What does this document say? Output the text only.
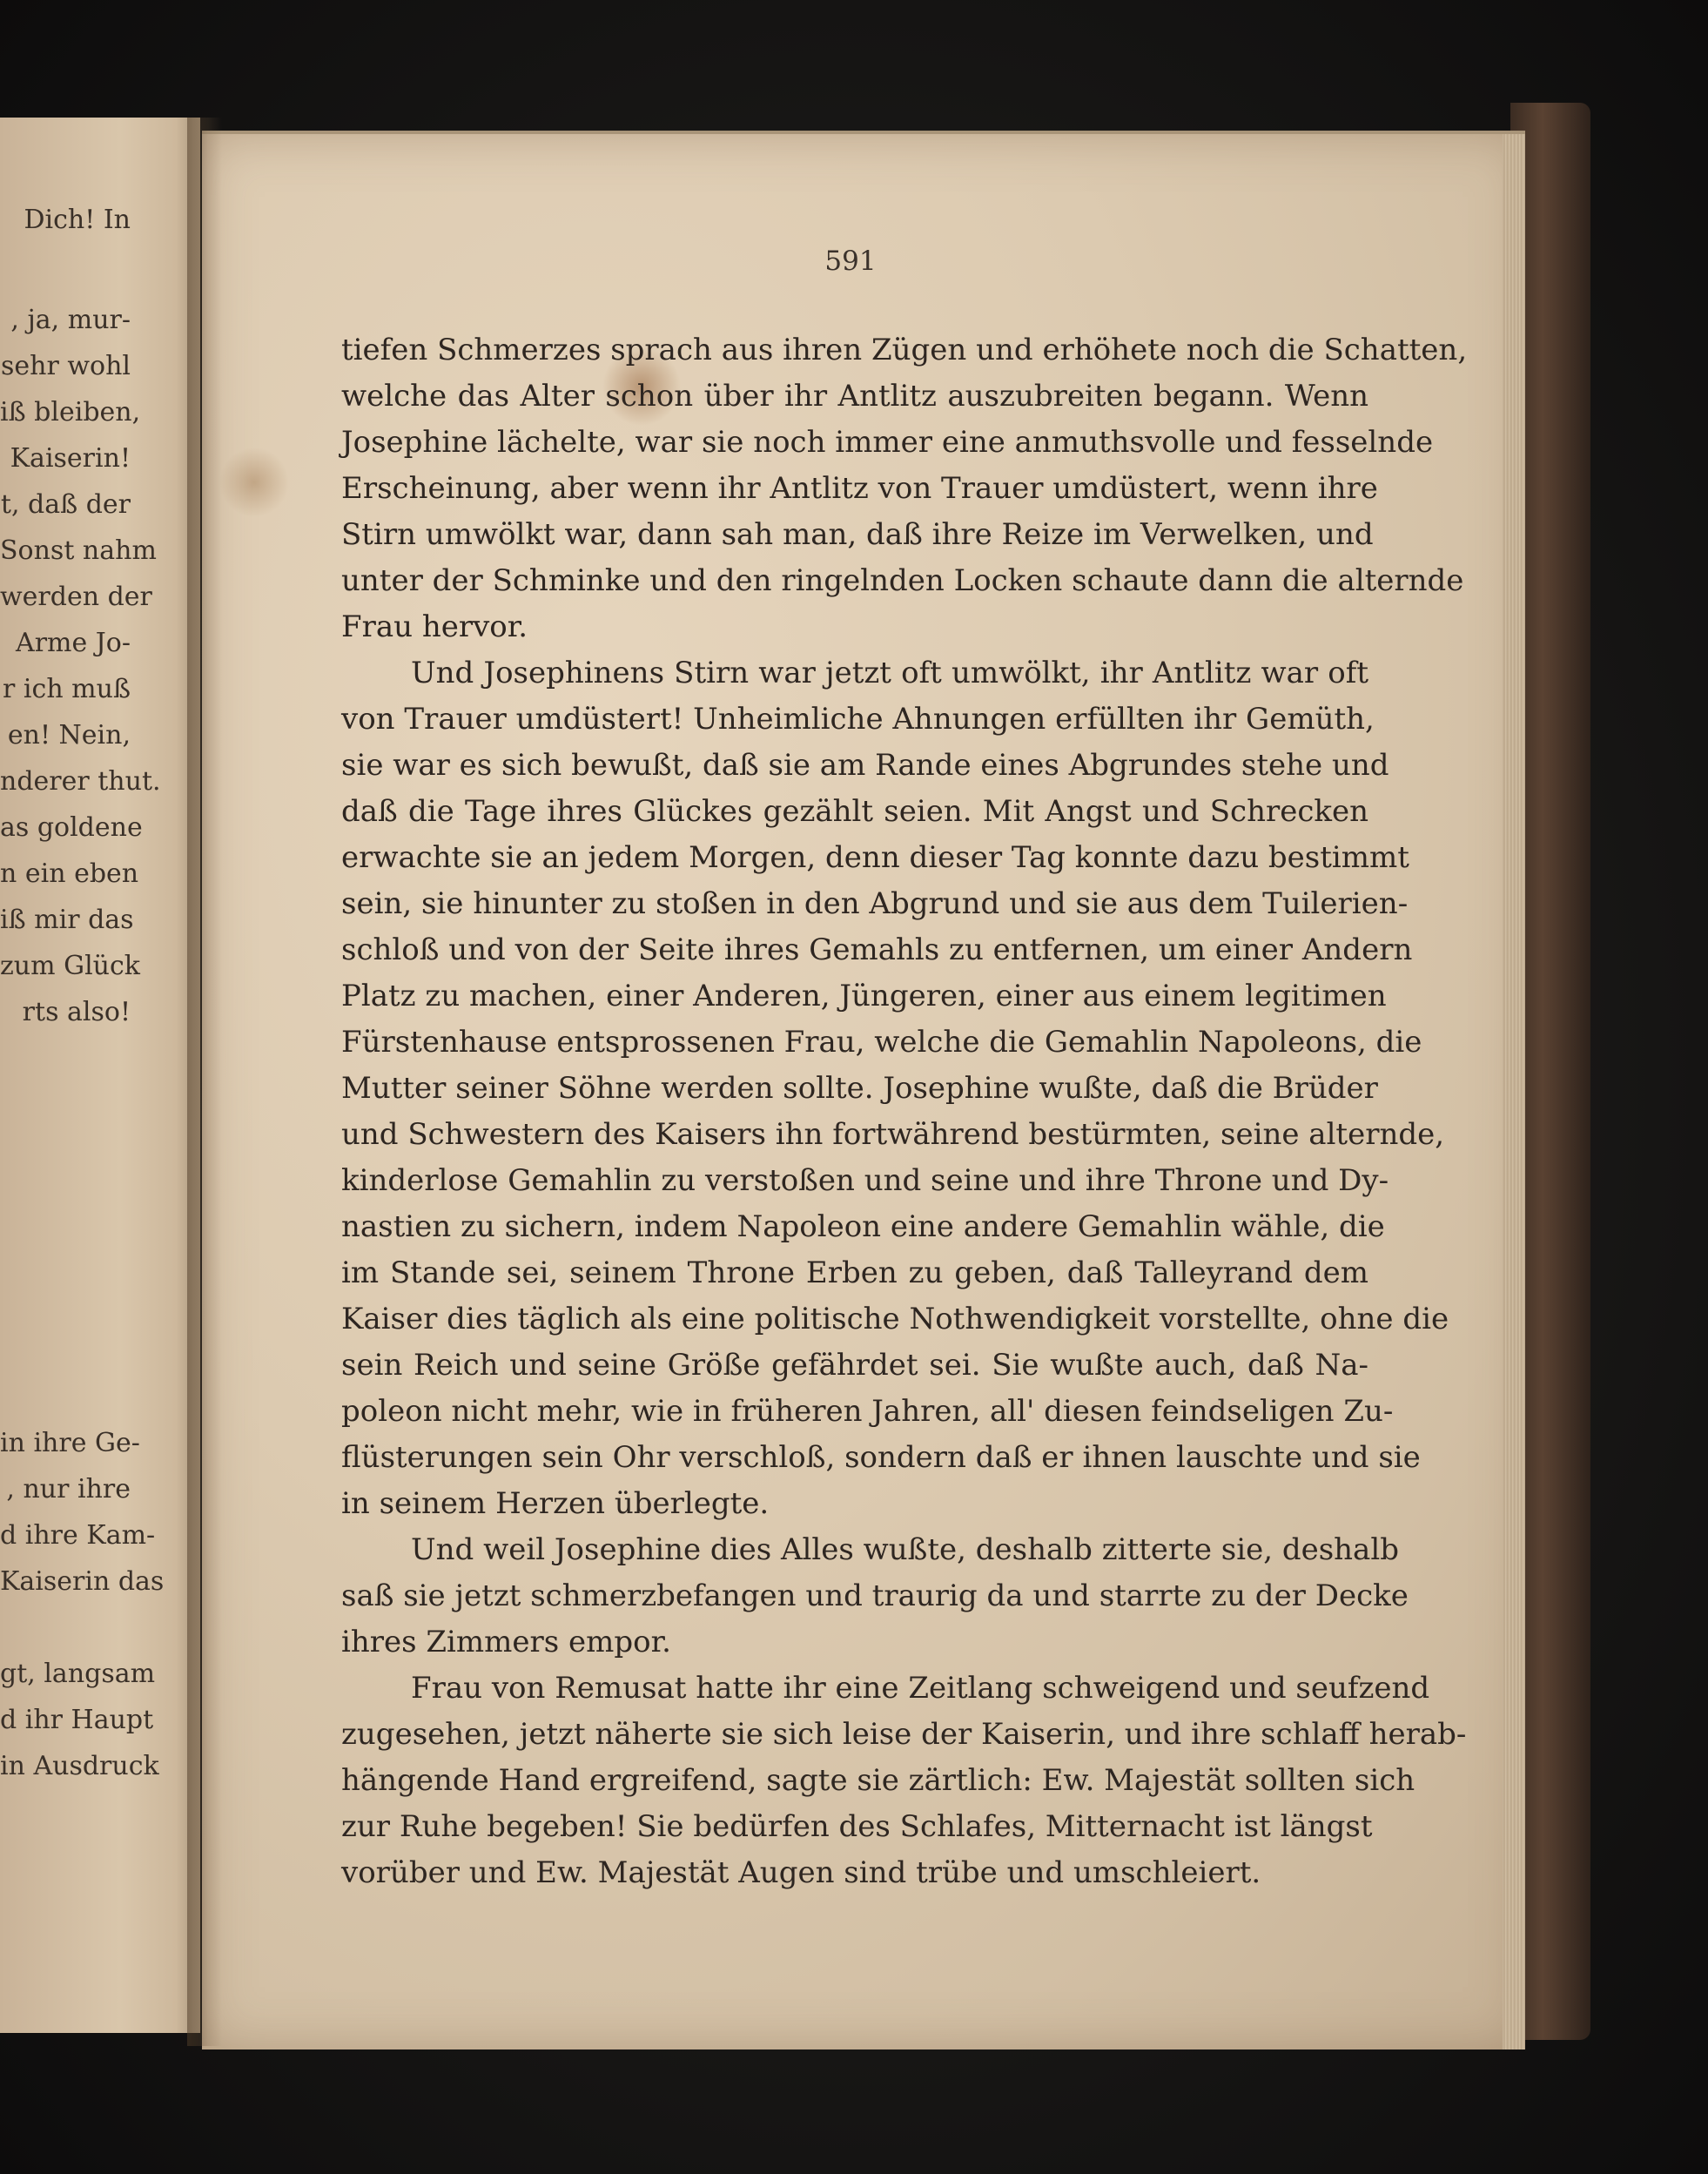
Dich! In
, ja, mur-
sehr wohl
iß bleiben,
Kaiserin!
t, daß der
Sonst nahm
werden der
Arme Jo-
r ich muß
en! Nein,
nderer thut.
as goldene
n ein eben
iß mir das
zum Glück
rts also!
in ihre Ge-
, nur ihre
d ihre Kam-
Kaiserin das
gt, langsam
d ihr Haupt
in Ausdruck
591
tiefen Schmerzes sprach aus ihren Zügen und erhöhete noch die Schatten,
welche das Alter schon über ihr Antlitz auszubreiten begann. Wenn
Josephine lächelte, war sie noch immer eine anmuthsvolle und fesselnde
Erscheinung, aber wenn ihr Antlitz von Trauer umdüstert, wenn ihre
Stirn umwölkt war, dann sah man, daß ihre Reize im Verwelken, und
unter der Schminke und den ringelnden Locken schaute dann die alternde
Frau hervor.
Und Josephinens Stirn war jetzt oft umwölkt, ihr Antlitz war oft
von Trauer umdüstert! Unheimliche Ahnungen erfüllten ihr Gemüth,
sie war es sich bewußt, daß sie am Rande eines Abgrundes stehe und
daß die Tage ihres Glückes gezählt seien. Mit Angst und Schrecken
erwachte sie an jedem Morgen, denn dieser Tag konnte dazu bestimmt
sein, sie hinunter zu stoßen in den Abgrund und sie aus dem Tuilerien-
schloß und von der Seite ihres Gemahls zu entfernen, um einer Andern
Platz zu machen, einer Anderen, Jüngeren, einer aus einem legitimen
Fürstenhause entsprossenen Frau, welche die Gemahlin Napoleons, die
Mutter seiner Söhne werden sollte. Josephine wußte, daß die Brüder
und Schwestern des Kaisers ihn fortwährend bestürmten, seine alternde,
kinderlose Gemahlin zu verstoßen und seine und ihre Throne und Dy-
nastien zu sichern, indem Napoleon eine andere Gemahlin wähle, die
im Stande sei, seinem Throne Erben zu geben, daß Talleyrand dem
Kaiser dies täglich als eine politische Nothwendigkeit vorstellte, ohne die
sein Reich und seine Größe gefährdet sei. Sie wußte auch, daß Na-
poleon nicht mehr, wie in früheren Jahren, all' diesen feindseligen Zu-
flüsterungen sein Ohr verschloß, sondern daß er ihnen lauschte und sie
in seinem Herzen überlegte.
Und weil Josephine dies Alles wußte, deshalb zitterte sie, deshalb
saß sie jetzt schmerzbefangen und traurig da und starrte zu der Decke
ihres Zimmers empor.
Frau von Remusat hatte ihr eine Zeitlang schweigend und seufzend
zugesehen, jetzt näherte sie sich leise der Kaiserin, und ihre schlaff herab-
hängende Hand ergreifend, sagte sie zärtlich: Ew. Majestät sollten sich
zur Ruhe begeben! Sie bedürfen des Schlafes, Mitternacht ist längst
vorüber und Ew. Majestät Augen sind trübe und umschleiert.
